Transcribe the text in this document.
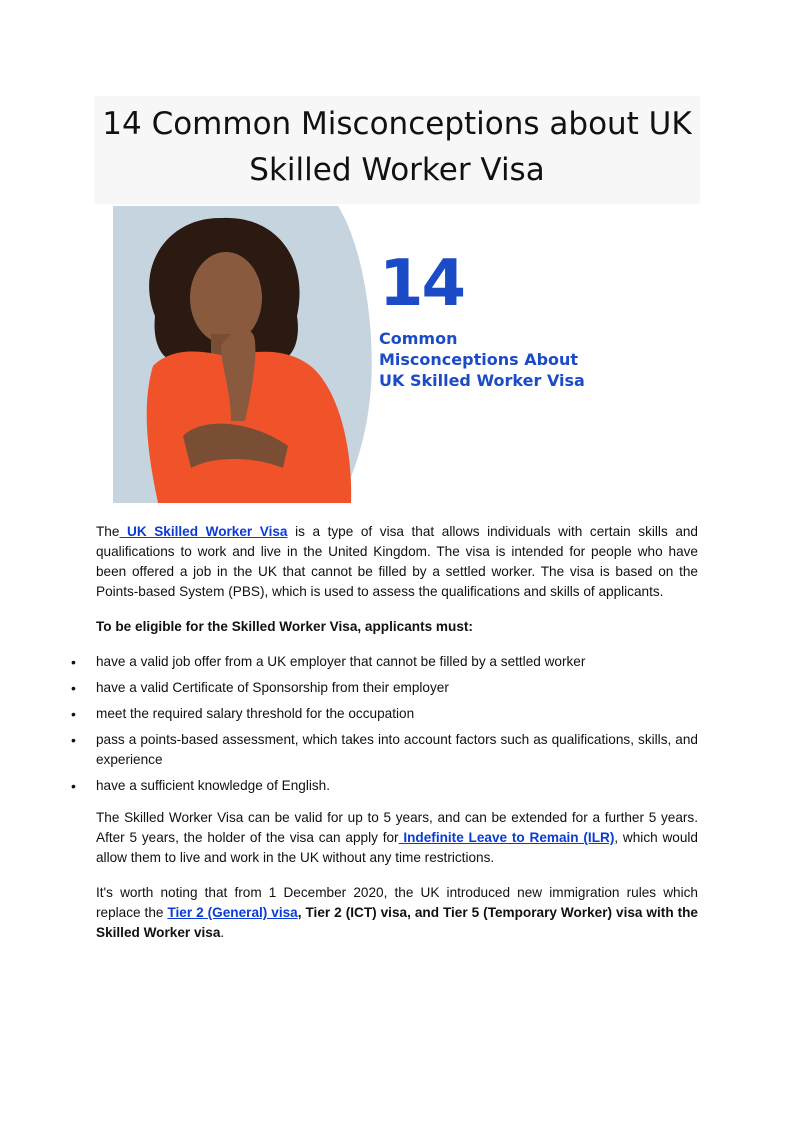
14 Common Misconceptions about UK
Skilled Worker Visa
14
Common
Misconceptions About
UK Skilled Worker Visa

The UK Skilled Worker Visa is a type of visa that allows individuals with certain skills and qualifications to work and live in the United Kingdom. The visa is intended for people who have been offered a job in the UK that cannot be filled by a settled worker. The visa is based on the Points-based System (PBS), which is used to assess the qualifications and skills of applicants.

To be eligible for the Skilled Worker Visa, applicants must:

• have a valid job offer from a UK employer that cannot be filled by a settled worker
• have a valid Certificate of Sponsorship from their employer
• meet the required salary threshold for the occupation
• pass a points-based assessment, which takes into account factors such as qualifications, skills, and experience
• have a sufficient knowledge of English.

The Skilled Worker Visa can be valid for up to 5 years, and can be extended for a further 5 years. After 5 years, the holder of the visa can apply for Indefinite Leave to Remain (ILR), which would allow them to live and work in the UK without any time restrictions.

It's worth noting that from 1 December 2020, the UK introduced new immigration rules which replace the Tier 2 (General) visa, Tier 2 (ICT) visa, and Tier 5 (Temporary Worker) visa with the Skilled Worker visa.
